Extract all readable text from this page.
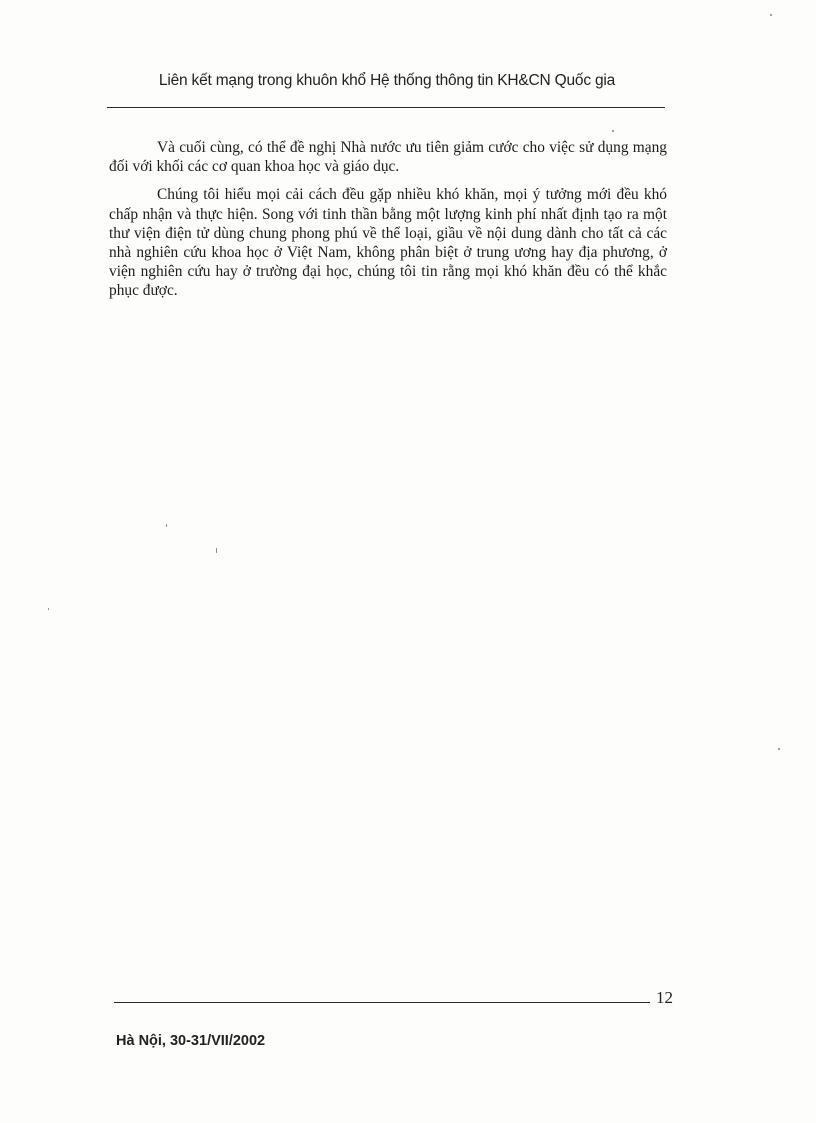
Liên kết mạng trong khuôn khổ Hệ thống thông tin KH&CN Quốc gia

Và cuối cùng, có thể đề nghị Nhà nước ưu tiên giảm cước cho việc sử dụng mạng đối với khối các cơ quan khoa học và giáo dục.

Chúng tôi hiểu mọi cải cách đều gặp nhiều khó khăn, mọi ý tưởng mới đều khó chấp nhận và thực hiện. Song với tinh thần bằng một lượng kinh phí nhất định tạo ra một thư viện điện tử dùng chung phong phú về thể loại, giầu về nội dung dành cho tất cả các nhà nghiên cứu khoa học ở Việt Nam, không phân biệt ở trung ương hay địa phương, ở viện nghiên cứu hay ở trường đại học, chúng tôi tin rằng mọi khó khăn đều có thể khắc phục được.

12
Hà Nội, 30-31/VII/2002
